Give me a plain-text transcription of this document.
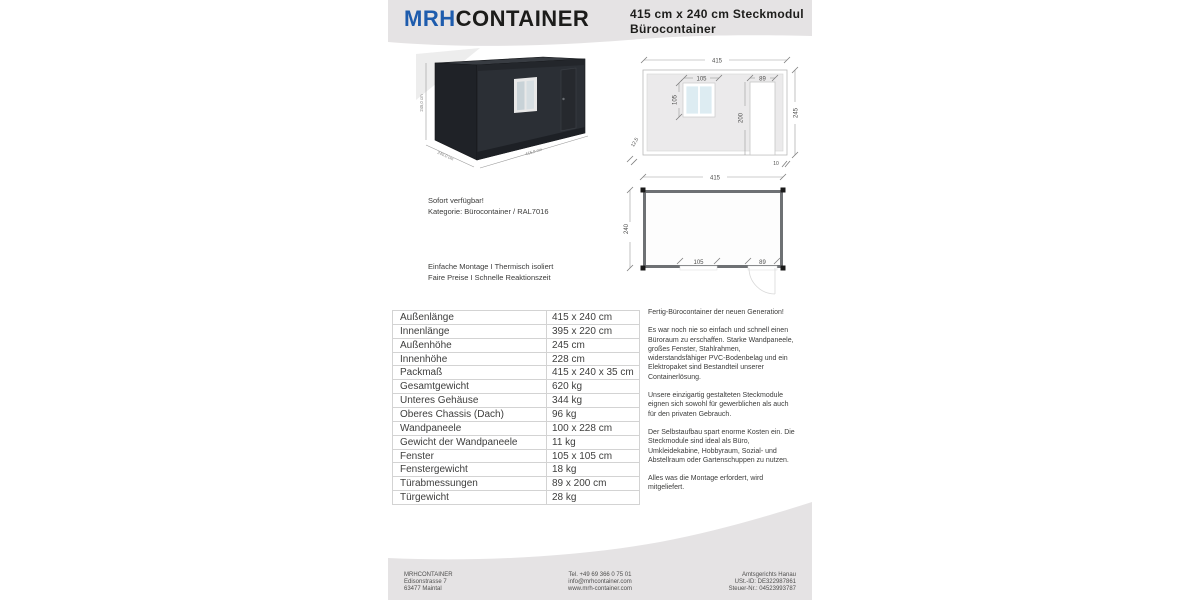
MRHCONTAINER	415 cm x 240 cm Steckmodul
Bürocontainer
245,0 cm
240,0 cm	415,0 cm
415
105
105
89
200	245
12,5
10
415
240
105	89
Sofort verfügbar!
Kategorie: Bürocontainer / RAL7016
Einfache Montage I Thermisch isoliert
Faire Preise I Schnelle Reaktionszeit
Außenlänge	415 x 240 cm
Innenlänge	395 x 220 cm
Außenhöhe	245 cm
Innenhöhe	228 cm
Packmaß	415 x 240 x 35 cm
Gesamtgewicht	620 kg
Unteres Gehäuse	344 kg
Oberes Chassis (Dach)	96 kg
Wandpaneele	100 x 228 cm
Gewicht der Wandpaneele	11 kg
Fenster	105 x 105 cm
Fenstergewicht	18 kg
Türabmessungen	89 x 200 cm
Türgewicht	28 kg

Fertig-Bürocontainer der neuen Generation!

Es war noch nie so einfach und schnell einen Büroraum zu erschaffen. Starke Wandpaneele, großes Fenster, Stahlrahmen, widerstandsfähiger PVC-Bodenbelag und ein Elektropaket sind Bestandteil unserer Containerlösung.

Unsere einzigartig gestalteten Steckmodule eignen sich sowohl für gewerblichen als auch für den privaten Gebrauch.

Der Selbstaufbau spart enorme Kosten ein. Die Steckmodule sind ideal als Büro, Umkleidekabine, Hobbyraum, Sozial- und Abstellraum oder Gartenschuppen zu nutzen.

Alles was die Montage erfordert, wird mitgeliefert.

MRHCONTAINER
Edisonstrasse 7
63477 Maintal
Tel. +49 69 366 0 75 01
info@mrhcontainer.com
www.mrh-container.com
Amtsgerichts Hanau
USt.-ID: DE322987861
Steuer-Nr.: 04523993787
